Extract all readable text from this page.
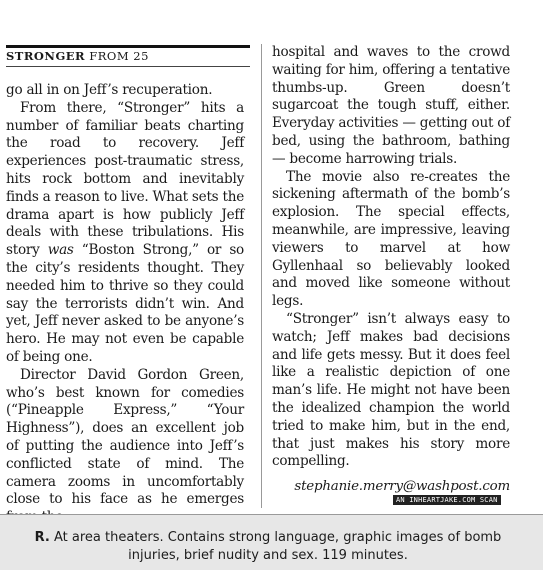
STRONGER FROM 25

go all in on Jeff’s recuperation.

From there, “Stronger” hits a number of familiar beats charting the road to recovery. Jeff experiences post-traumatic stress, hits rock bottom and inevitably finds a reason to live. What sets the drama apart is how publicly Jeff deals with these tribulations. His story was “Boston Strong,” or so the city’s residents thought. They needed him to thrive so they could say the terrorists didn’t win. And yet, Jeff never asked to be anyone’s hero. He may not even be capable of being one.

Director David Gordon Green, who’s best known for comedies (“Pineapple Express,” “Your Highness”), does an excellent job of putting the audience into Jeff’s conflicted state of mind. The camera zooms in uncomfortably close to his face as he emerges

hospital and waves to the crowd waiting for him, offering a tentative thumbs-up. Green doesn’t sugarcoat the tough stuff, either. Everyday activities — getting out of bed, using the bathroom, bathing — become harrowing trials.

The movie also re-creates the sickening aftermath of the bomb’s explosion. The special effects, meanwhile, are impressive, leaving viewers to marvel at how Gyllenhaal so believably looked and moved like someone without legs.

“Stronger” isn’t always easy to watch; Jeff makes bad decisions and life gets messy. But it does feel like a realistic depiction of one man’s life. He might not have been the idealized champion the world tried to make him, but in the end, that just makes his story more compelling.

stephanie.merry@washpost.com
AN INHEARTJAKE.COM SCAN
R. At area theaters. Contains strong language, graphic images of bomb injuries, brief nudity and sex. 119 minutes.
